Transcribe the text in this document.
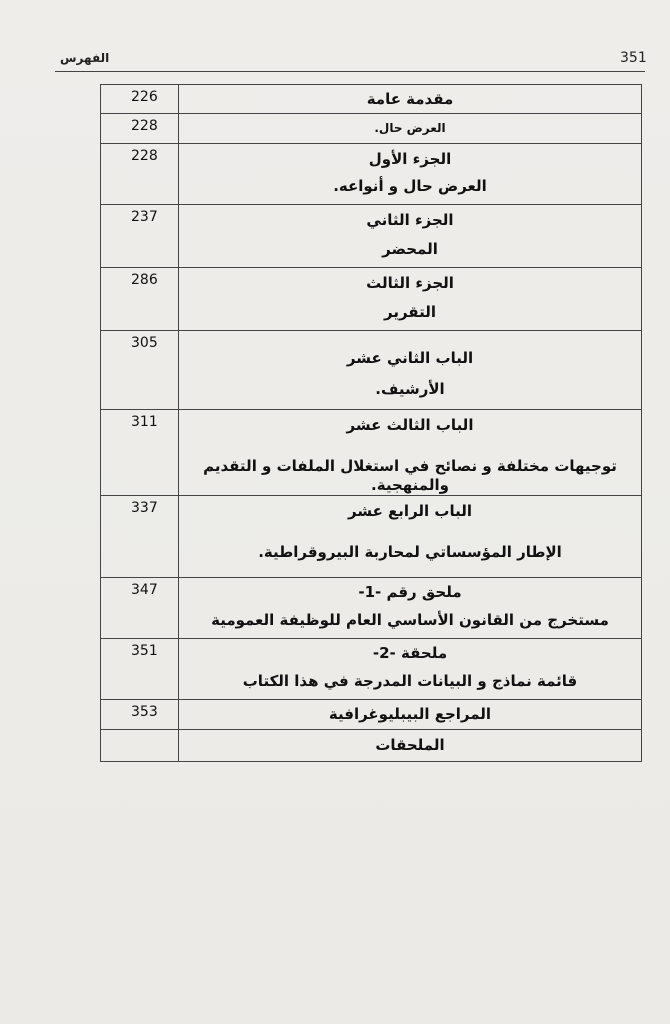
351
الفهرس
226	مقدمة عامة

228	العرض حال.

228	الجزء الأول
العرض حال و أنواعه.

237	الجزء الثاني
المحضر

286	الجزء الثالث
التقرير

305	الباب الثاني عشر
الأرشيف.

311	الباب الثالث عشر
توجيهات مختلفة و نصائح في استغلال الملفات و التقديم والمنهجية.

337	الباب الرابع عشر
الإطار المؤسساتي لمحاربة البيروقراطية.

347	ملحق رقم -1-
مستخرج من القانون الأساسي العام للوظيفة العمومية

351	ملحقة -2-
قائمة نماذج و البيانات المدرجة في هذا الكتاب

353	المراجع البيبليوغرافية

	الملحقات
